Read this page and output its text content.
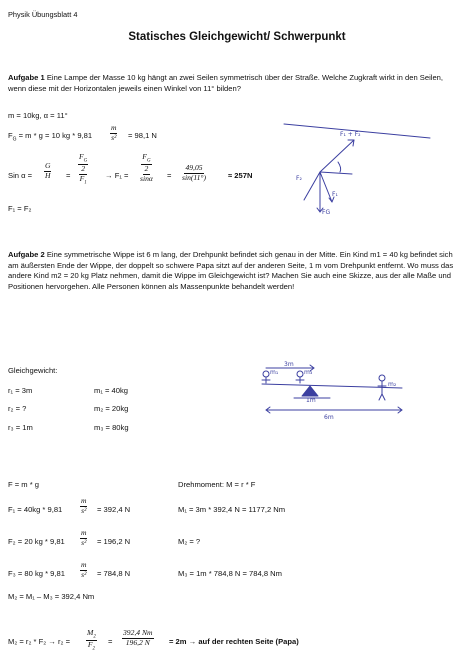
Physik Übungsblatt 4
Statisches Gleichgewicht/ Schwerpunkt
Aufgabe 1 Eine Lampe der Masse 10 kg hängt an zwei Seilen symmetrisch über der Straße. Welche Zugkraft wirkt in den Seilen, wenn diese mit der Horizontalen jeweils einen Winkel von 11° bilden?
m = 10kg, α = 11°
$F_G = m * g = 10$ kg * $9,81 \frac{m}{\text{s²}} = 98,1$ N
Sin $\alpha = \frac{G}{H} = F_G$
2
$F_1 \to F_1 = F_G$
2
$\sin\alpha = \frac{49,05}{\sin(11^\circ)}$	≈ 257N
F₁ = F₂
F₁ + F₂
F₁
F₂
FG
Aufgabe 2 Eine symmetrische Wippe ist 6 m lang, der Drehpunkt befindet sich genau in der Mitte. Ein Kind m1 = 40 kg befindet sich am äußersten Ende der Wippe, der doppelt so schwere Papa sitzt auf der anderen Seite, 1 m vom Drehpunkt entfernt. Wo muss das andere Kind m2 = 20 kg Platz nehmen, damit die Wippe im Gleichgewicht ist? Machen Sie auch eine Skizze, aus der alle Maße und Positionen hervorgehen. Alle Personen können als Massenpunkte behandelt werden!
Gleichgewicht:
r₁ = 3m	m₁ = 40kg
r₂ = ?	m₂ = 20kg
r₃ = 1m	m₃ = 80kg
3m
m₁	m₃
m₂
1m
6m
F = m * g	Drehmoment: M = r * F
$F_1 = 40kg * 9,81 \frac{m}{\text{s²}} = 392,4$ N	M₁ = 3m * 392,4 N = 1177,2 Nm
F₂ = 20 kg * $9,81 \frac{m}{\text{s²}} = 196,2$ N	M₂ = ?
F₃ = 80 kg * $9,81 \frac{m}{\text{s²}} = 784,8$ N	M₃ = 1m * 784,8 N = 784,8 Nm
M₂ = M₁ – M₃ = 392,4 Nm
$M_2 = r_2 * F_2 \to r_2 = \frac{M_2}{F_2} = \frac{392,4 Nm}{196,2 N} = 2m$ → auf der rechten Seite (Papa)
